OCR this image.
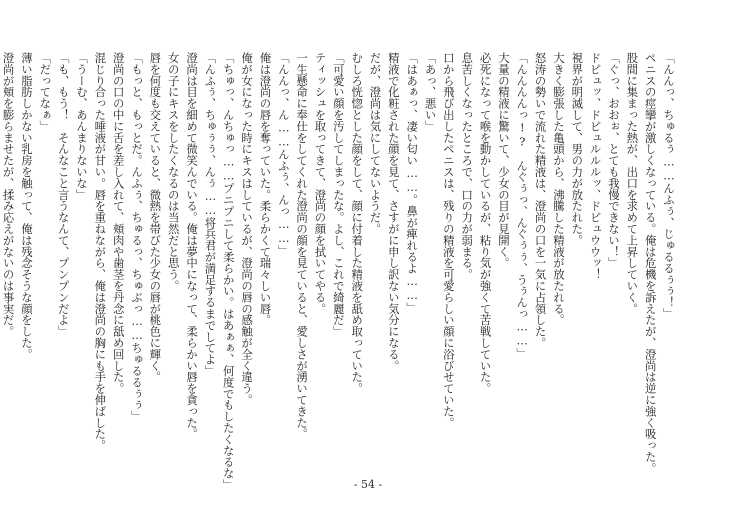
「んんっ、ちゅるぅ……んふぅ、じゅるるぅぅ！」

ペニスの痙攣が激しくなっている。俺は危機を訴えたが、澄尚は逆に強く吸った。

股間に集まった熱が、出口を求めて上昇していく。

「ぐっ、おおぉ、とても我慢できない！」

ドピュッ、ドピュルルルッ、ドピュウウッ！

視界が明滅して、男の力が放たれた。

大きく膨張した亀頭から、沸騰した精液が放たれる。

怒涛の勢いで流れた精液は、澄尚の口を一気に占領した。

「んんんんっ!?　んぐぅっ、んぐぅぅ、うぅんっ……」

大量の精液に驚いて、少女の目が見開く。

必死になって喉を動かしているが、粘り気が強くて苦戦していた。

息苦しくなったところで、口の力が弱まる。

口から飛び出したペニスは、残りの精液を可愛らしい顔に浴びせていた。

「あっ、悪い」

「はあぁっ、凄い匂い……。鼻が痺れるよ……」

精液で化粧された顔を見て、さすがに申し訳ない気分になる。

だが、澄尚は気にしてないようだ。

むしろ恍惚とした顔をして、顔に付着した精液を舐め取っていた。

「可愛い顔を汚してしまったな。よし、これで綺麗だ」

ティッシュを取ってきて、澄尚の顔を拭いてやる。

一生懸命に奉仕をしてくれた澄尚の顔を見ていると、愛しさが湧いてきた。

「んんっ、ん……んふぅ、んっ……」

俺は澄尚の唇を奪っていた。柔らかくて瑞々しい唇。

俺が女になった時にキスはしているが、澄尚の唇の感触が全く違う。

「ちゅっ、んちゅっ……プニプニして柔らかい。はあぁぁ、何度でもしたくなるな」

「んふぅ、ちゅぅぅ、んぅ……将兵君が満足するまでしてよ」

澄尚は目を細めて微笑んでいる。俺は夢中になって、柔らかい唇を貪った。

女の子にキスをしたくなるのは当然だと思う。

唇を何度も交えていると、微熱を帯びた少女の唇が桃色に輝く。

「もっと、もっとだ。んふぅ、ちゅるっ、ちゅぶっ……ちゅるるぅぅ」

澄尚の口の中に舌を差し入れて、頬肉や歯茎を丹念に舐め回した。

混じり合った唾液が甘い。唇を重ねながら、俺は澄尚の胸にも手を伸ばした。

「うーむ、あんまりないな」

「も、もう！　そんなこと言うなんて、プンプンだよ」

「だってなぁ」

薄い脂肪しかない乳房を触って、俺は残念そうな顔をした。

澄尚が頬を膨らませたが、揉み応えがないのは事実だ。

- 54 -
